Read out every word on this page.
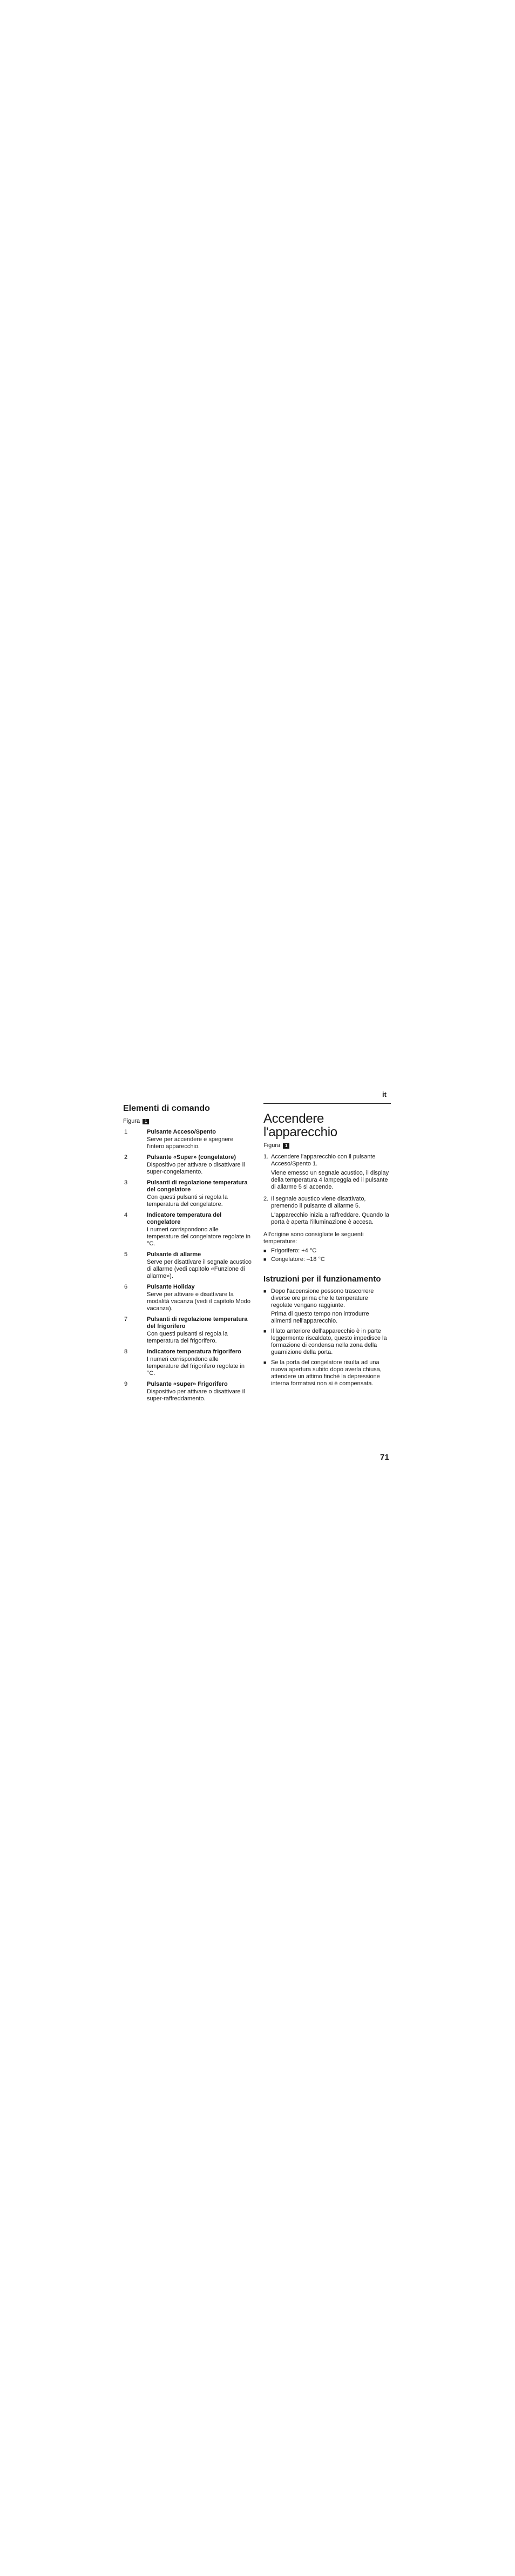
it
Elementi di comando

Figura 1

1	Pulsante Acceso/Spento

Serve per accendere e spegnere l'intero apparecchio.

2	Pulsante «Super» (congelatore)

Dispositivo per attivare o disattivare il super-congelamento.

3	Pulsanti di regolazione temperatura del congelatore

Con questi pulsanti si regola la temperatura del congelatore.

4	Indicatore temperatura del congelatore

I numeri corrispondono alle temperature del congelatore regolate in °C.

5	Pulsante di allarme

Serve per disattivare il segnale acustico di allarme (vedi capitolo «Funzione di allarme»).

6	Pulsante Holiday

Serve per attivare e disattivare la modalità vacanza (vedi il capitolo Modo vacanza).

7	Pulsanti di regolazione temperatura del frigorifero

Con questi pulsanti si regola la temperatura del frigorifero.

8	Indicatore temperatura frigorifero

I numeri corrispondono alle temperature del frigorifero regolate in °C.

9	Pulsante «super» Frigorifero

Dispositivo per attivare o disattivare il super-raffreddamento.

Accendere l'apparecchio

Figura 1

1. Accendere l'apparecchio con il pulsante Acceso/Spento 1.

Viene emesso un segnale acustico, il display della temperatura 4 lampeggia ed il pulsante di allarme 5 si accende.

2. Il segnale acustico viene disattivato, premendo il pulsante di allarme 5.

L'apparecchio inizia a raffreddare. Quando la porta è aperta l'illuminazione è accesa.

All'origine sono consigliate le seguenti temperature:

■ Frigorifero: +4 °C
■ Congelatore: –18 °C
Istruzioni per il funzionamento
■ Dopo l'accensione possono trascorrere diverse ore prima che le temperature regolate vengano raggiunte.

Prima di questo tempo non introdurre alimenti nell'apparecchio.

■ Il lato anteriore dell'apparecchio è in parte leggermente riscaldato, questo impedisce la formazione di condensa nella zona della guarnizione della porta.

■ Se la porta del congelatore risulta ad una nuova apertura subito dopo averla chiusa, attendere un attimo finché la depressione interna formatasi non si è compensata.

71
